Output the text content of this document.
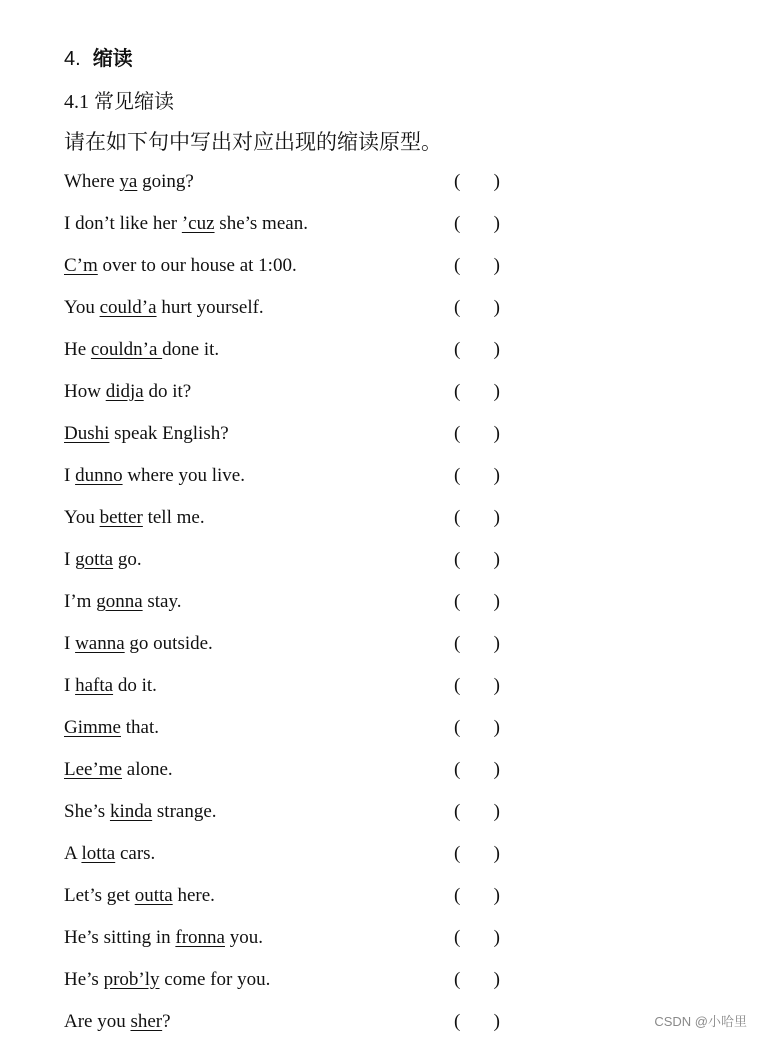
4. 缩读
4.1 常见缩读
请在如下句中写出对应出现的缩读原型。
Where ya going?	( )
I don’t like her ’cuz she’s mean.	( )
C’m over to our house at 1:00.	( )
You could’a hurt yourself.	( )
He couldn’a done it.	( )
How didja do it?	( )
Dushi speak English?	( )
I dunno where you live.	( )
You better tell me.	( )
I gotta go.	( )
I’m gonna stay.	( )
I wanna go outside.	( )
I hafta do it.	( )
Gimme that.	( )
Lee’me alone.	( )
She’s kinda strange.	( )
A lotta cars.	( )
Let’s get outta here.	( )
He’s sitting in fronna you.	( )
He’s prob’ly come for you.	( )
Are you sher?	( )	CSDN @小哈里
